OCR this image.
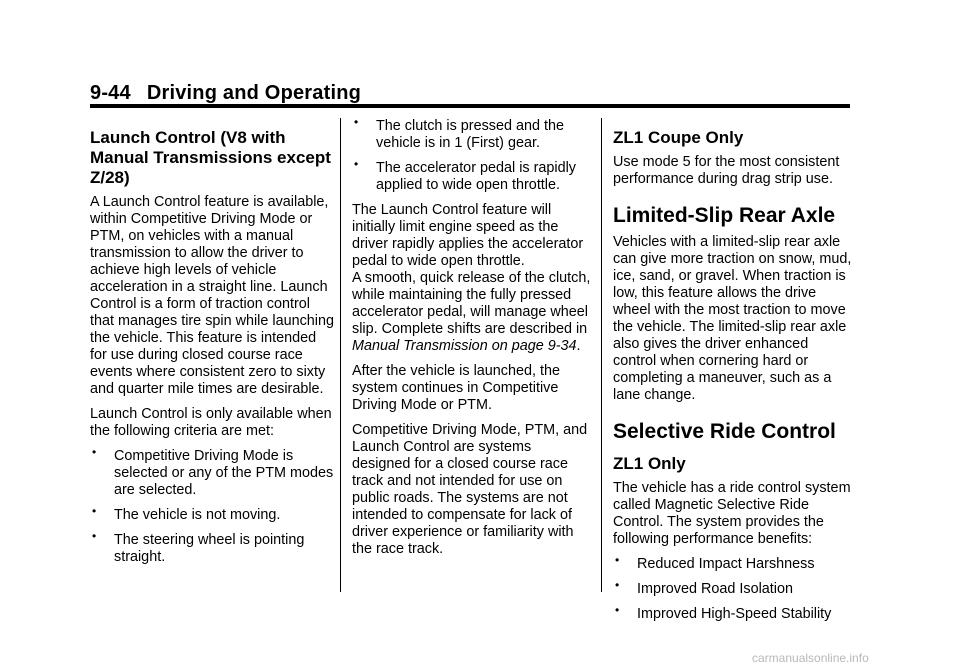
9-44 Driving and Operating
Launch Control (V8 with Manual Transmissions except Z/28)

A Launch Control feature is available, within Competitive Driving Mode or PTM, on vehicles with a manual transmission to allow the driver to achieve high levels of vehicle acceleration in a straight line. Launch Control is a form of traction control that manages tire spin while launching the vehicle. This feature is intended for use during closed course race events where consistent zero to sixty and quarter mile times are desirable.

Launch Control is only available when the following criteria are met:

• Competitive Driving Mode is selected or any of the PTM modes are selected.
• The vehicle is not moving.
• The steering wheel is pointing straight.
• The clutch is pressed and the vehicle is in 1 (First) gear.
• The accelerator pedal is rapidly applied to wide open throttle.

The Launch Control feature will initially limit engine speed as the driver rapidly applies the accelerator pedal to wide open throttle.

A smooth, quick release of the clutch, while maintaining the fully pressed accelerator pedal, will manage wheel slip. Complete shifts are described in Manual Transmission on page 9-34.

After the vehicle is launched, the system continues in Competitive Driving Mode or PTM.

Competitive Driving Mode, PTM, and Launch Control are systems designed for a closed course race track and not intended for use on public roads. The systems are not intended to compensate for lack of driver experience or familiarity with the race track.

ZL1 Coupe Only

Use mode 5 for the most consistent performance during drag strip use.

Limited-Slip Rear Axle

Vehicles with a limited-slip rear axle can give more traction on snow, mud, ice, sand, or gravel. When traction is low, this feature allows the drive wheel with the most traction to move the vehicle. The limited-slip rear axle also gives the driver enhanced control when cornering hard or completing a maneuver, such as a lane change.

Selective Ride Control
ZL1 Only

The vehicle has a ride control system called Magnetic Selective Ride Control. The system provides the following performance benefits:

• Reduced Impact Harshness
• Improved Road Isolation
• Improved High-Speed Stability
carmanualsonline.info
